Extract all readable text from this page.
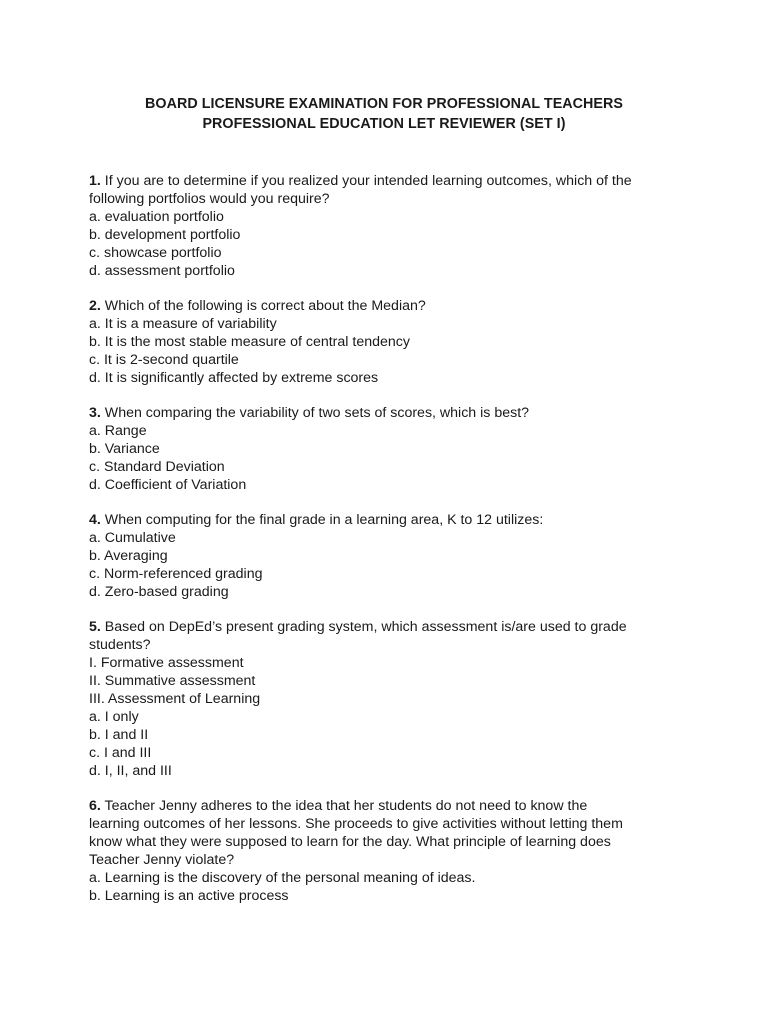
BOARD LICENSURE EXAMINATION FOR PROFESSIONAL TEACHERS
PROFESSIONAL EDUCATION LET REVIEWER (SET I)
1. If you are to determine if you realized your intended learning outcomes, which of the
following portfolios would you require?
a. evaluation portfolio
b. development portfolio
c. showcase portfolio
d. assessment portfolio
2. Which of the following is correct about the Median?
a. It is a measure of variability
b. It is the most stable measure of central tendency
c. It is 2-second quartile
d. It is significantly affected by extreme scores
3. When comparing the variability of two sets of scores, which is best?
a. Range
b. Variance
c. Standard Deviation
d. Coefficient of Variation
4. When computing for the final grade in a learning area, K to 12 utilizes:
a. Cumulative
b. Averaging
c. Norm-referenced grading
d. Zero-based grading
5. Based on DepEd’s present grading system, which assessment is/are used to grade
students?
I. Formative assessment
II. Summative assessment
III. Assessment of Learning
a. I only
b. I and II
c. I and III
d. I, II, and III
6. Teacher Jenny adheres to the idea that her students do not need to know the
learning outcomes of her lessons. She proceeds to give activities without letting them
know what they were supposed to learn for the day. What principle of learning does
Teacher Jenny violate?
a. Learning is the discovery of the personal meaning of ideas.
b. Learning is an active process
